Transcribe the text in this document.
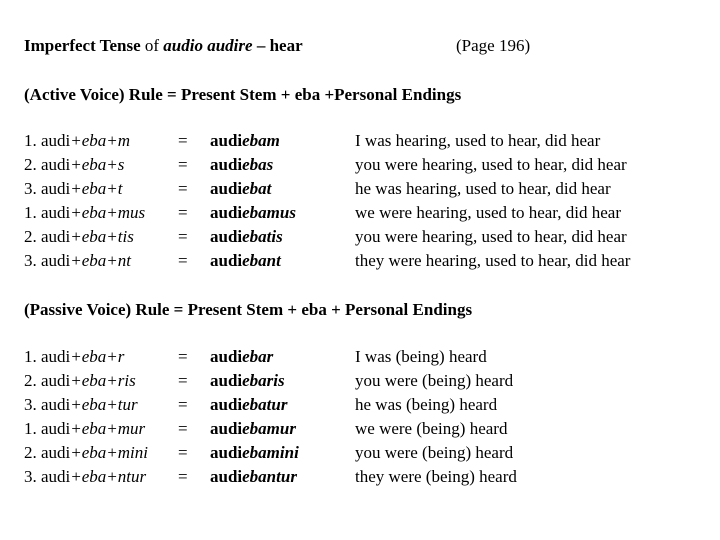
Imperfect Tense of audio audire – hear	(Page 196)
(Active Voice) Rule = Present Stem + eba +Personal Endings
1. audi+eba+m	= audiebam	I was hearing, used to hear, did hear
2. audi+eba+s	= audiebas	you were hearing, used to hear, did hear
3. audi+eba+t	= audiebat	he was hearing, used to hear, did hear
1. audi+eba+mus = audiebamus	we were hearing, used to hear, did hear
2. audi+eba+tis	= audiebatis	you were hearing, used to hear, did hear
3. audi+eba+nt	= audiebant	they were hearing, used to hear, did hear
(Passive Voice) Rule = Present Stem + eba + Personal Endings
1. audi+eba+r	= audiebar	I was (being) heard
2. audi+eba+ris = audiebaris	you were (being) heard
3. audi+eba+tur = audiebatur	he was (being) heard
1. audi+eba+mur = audiebamur	we were (being) heard
2. audi+eba+mini = audiebamini	you were (being) heard
3. audi+eba+ntur = audiebantur	they were (being) heard
